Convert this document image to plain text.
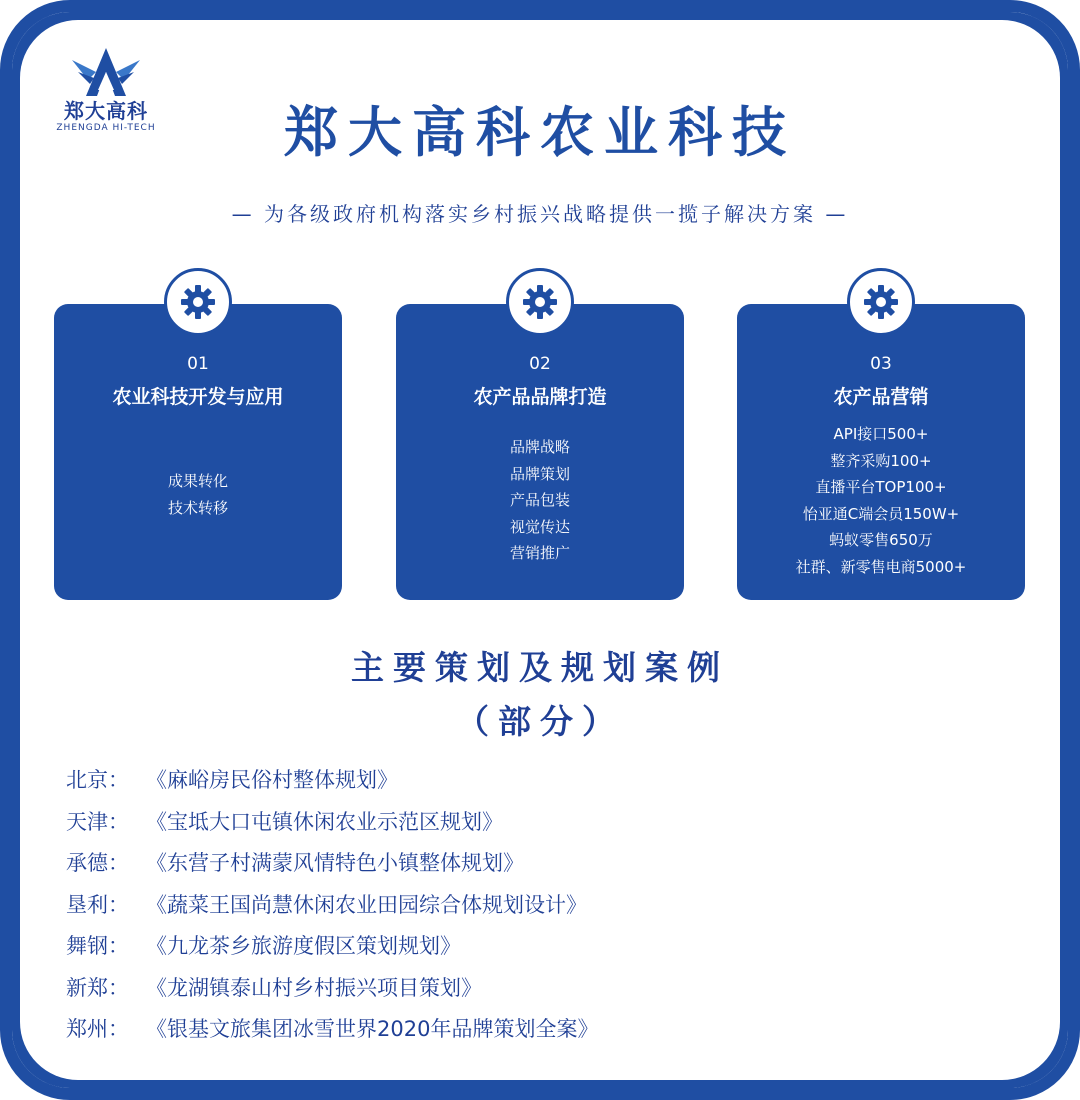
郑大高科
ZHENGDA HI-TECH	郑大高科农业科技
— 为各级政府机构落实乡村振兴战略提供一揽子解决方案 —
01
农业科技开发与应用
成果转化
技术转移
02
农产品品牌打造
品牌战略
品牌策划
产品包装
视觉传达
营销推广
03
农产品营销
API接口500+
整齐采购100+
直播平台TOP100+
怡亚通C端会员150W+
蚂蚁零售650万
社群、新零售电商5000+
主要策划及规划案例
（部分）
北京： 《麻峪房民俗村整体规划》
天津： 《宝坻大口屯镇休闲农业示范区规划》
承德： 《东营子村满蒙风情特色小镇整体规划》
垦利： 《蔬菜王国尚慧休闲农业田园综合体规划设计》
舞钢： 《九龙茶乡旅游度假区策划规划》
新郑： 《龙湖镇泰山村乡村振兴项目策划》
郑州： 《银基文旅集团冰雪世界2020年品牌策划全案》
